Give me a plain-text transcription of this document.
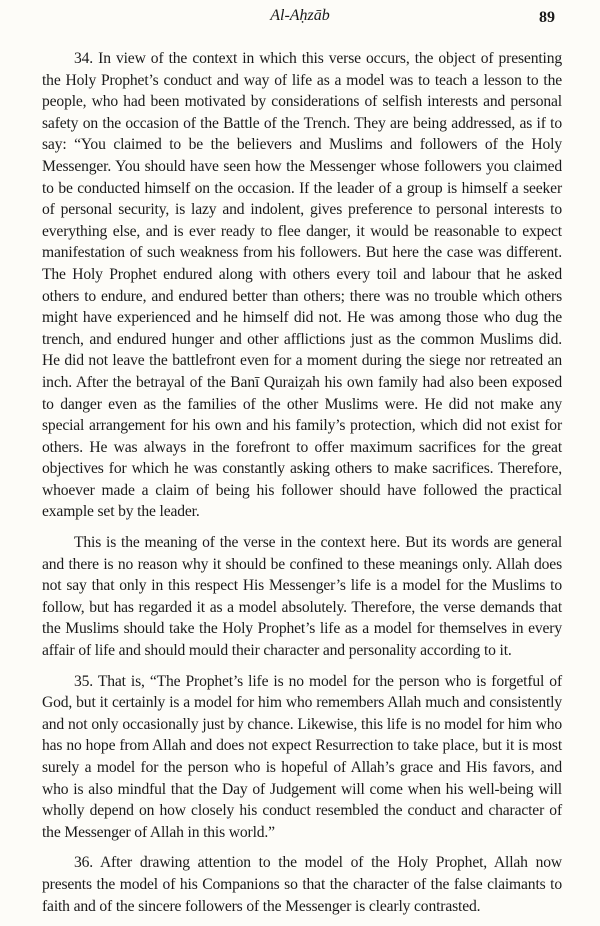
Al-Aḥzāb	89

34. In view of the context in which this verse occurs, the object of presenting the Holy Prophet’s conduct and way of life as a model was to teach a lesson to the people, who had been motivated by considerations of selfish interests and personal safety on the occasion of the Battle of the Trench. They are being addressed, as if to say: “You claimed to be the believers and Muslims and followers of the Holy Messenger. You should have seen how the Messenger whose followers you claimed to be conducted himself on the occasion. If the leader of a group is himself a seeker of personal security, is lazy and indolent, gives preference to personal interests to everything else, and is ever ready to flee danger, it would be reasonable to expect manifestation of such weakness from his followers. But here the case was different. The Holy Prophet endured along with others every toil and labour that he asked others to endure, and endured better than others; there was no trouble which others might have experienced and he himself did not. He was among those who dug the trench, and endured hunger and other afflictions just as the common Muslims did. He did not leave the battlefront even for a moment during the siege nor retreated an inch. After the betrayal of the Banī Quraiẓah his own family had also been exposed to danger even as the families of the other Muslims were. He did not make any special arrangement for his own and his family’s protection, which did not exist for others. He was always in the forefront to offer maximum sacrifices for the great objectives for which he was constantly asking others to make sacrifices. Therefore, whoever made a claim of being his follower should have followed the practical example set by the leader.

This is the meaning of the verse in the context here. But its words are general and there is no reason why it should be confined to these meanings only. Allah does not say that only in this respect His Messenger’s life is a model for the Muslims to follow, but has regarded it as a model absolutely. Therefore, the verse demands that the Muslims should take the Holy Prophet’s life as a model for themselves in every affair of life and should mould their character and personality according to it.

35. That is, “The Prophet’s life is no model for the person who is forgetful of God, but it certainly is a model for him who remembers Allah much and consistently and not only occasionally just by chance. Likewise, this life is no model for him who has no hope from Allah and does not expect Resurrection to take place, but it is most surely a model for the person who is hopeful of Allah’s grace and His favors, and who is also mindful that the Day of Judgement will come when his well-being will wholly depend on how closely his conduct resembled the conduct and character of the Messenger of Allah in this world.”

36. After drawing attention to the model of the Holy Prophet, Allah now presents the model of his Companions so that the character of the false claimants to faith and of the sincere followers of the Messenger is clearly contrasted.
